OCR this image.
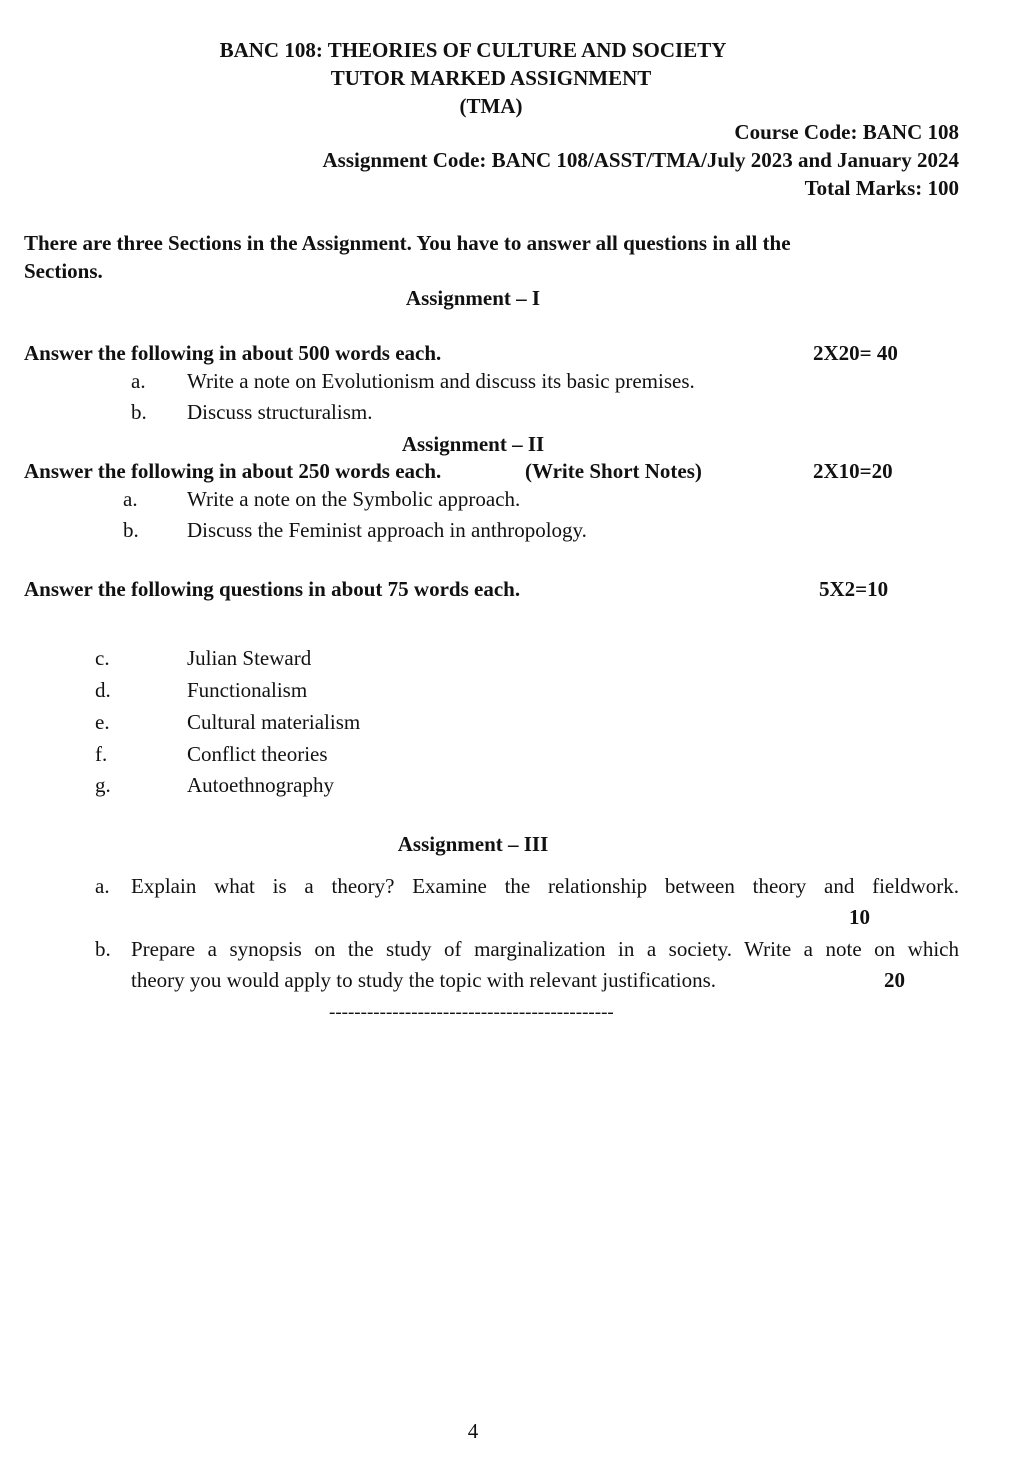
BANC 108: THEORIES OF CULTURE AND SOCIETY
TUTOR MARKED ASSIGNMENT
(TMA)
Course Code: BANC 108
Assignment Code: BANC 108/ASST/TMA/July 2023 and January 2024
Total Marks: 100
There are three Sections in the Assignment. You have to answer all questions in all the
Sections.
Assignment – I
Answer the following in about 500 words each.	2X20= 40
a. Write a note on Evolutionism and discuss its basic premises.
b. Discuss structuralism.
Assignment – II
Answer the following in about 250 words each.	(Write Short Notes)	2X10=20
a. Write a note on the Symbolic approach.
b. Discuss the Feminist approach in anthropology.
Answer the following questions in about 75 words each.	5X2=10
c.	Julian Steward
d.	Functionalism
e.	Cultural materialism
f.	Conflict theories
g.	Autoethnography
Assignment – III
a. Explain what is a theory? Examine the relationship between theory and fieldwork.
10
b. Prepare a synopsis on the study of marginalization in a society. Write a note on which
theory you would apply to study the topic with relevant justifications.	20
---------------------------------------------
4
